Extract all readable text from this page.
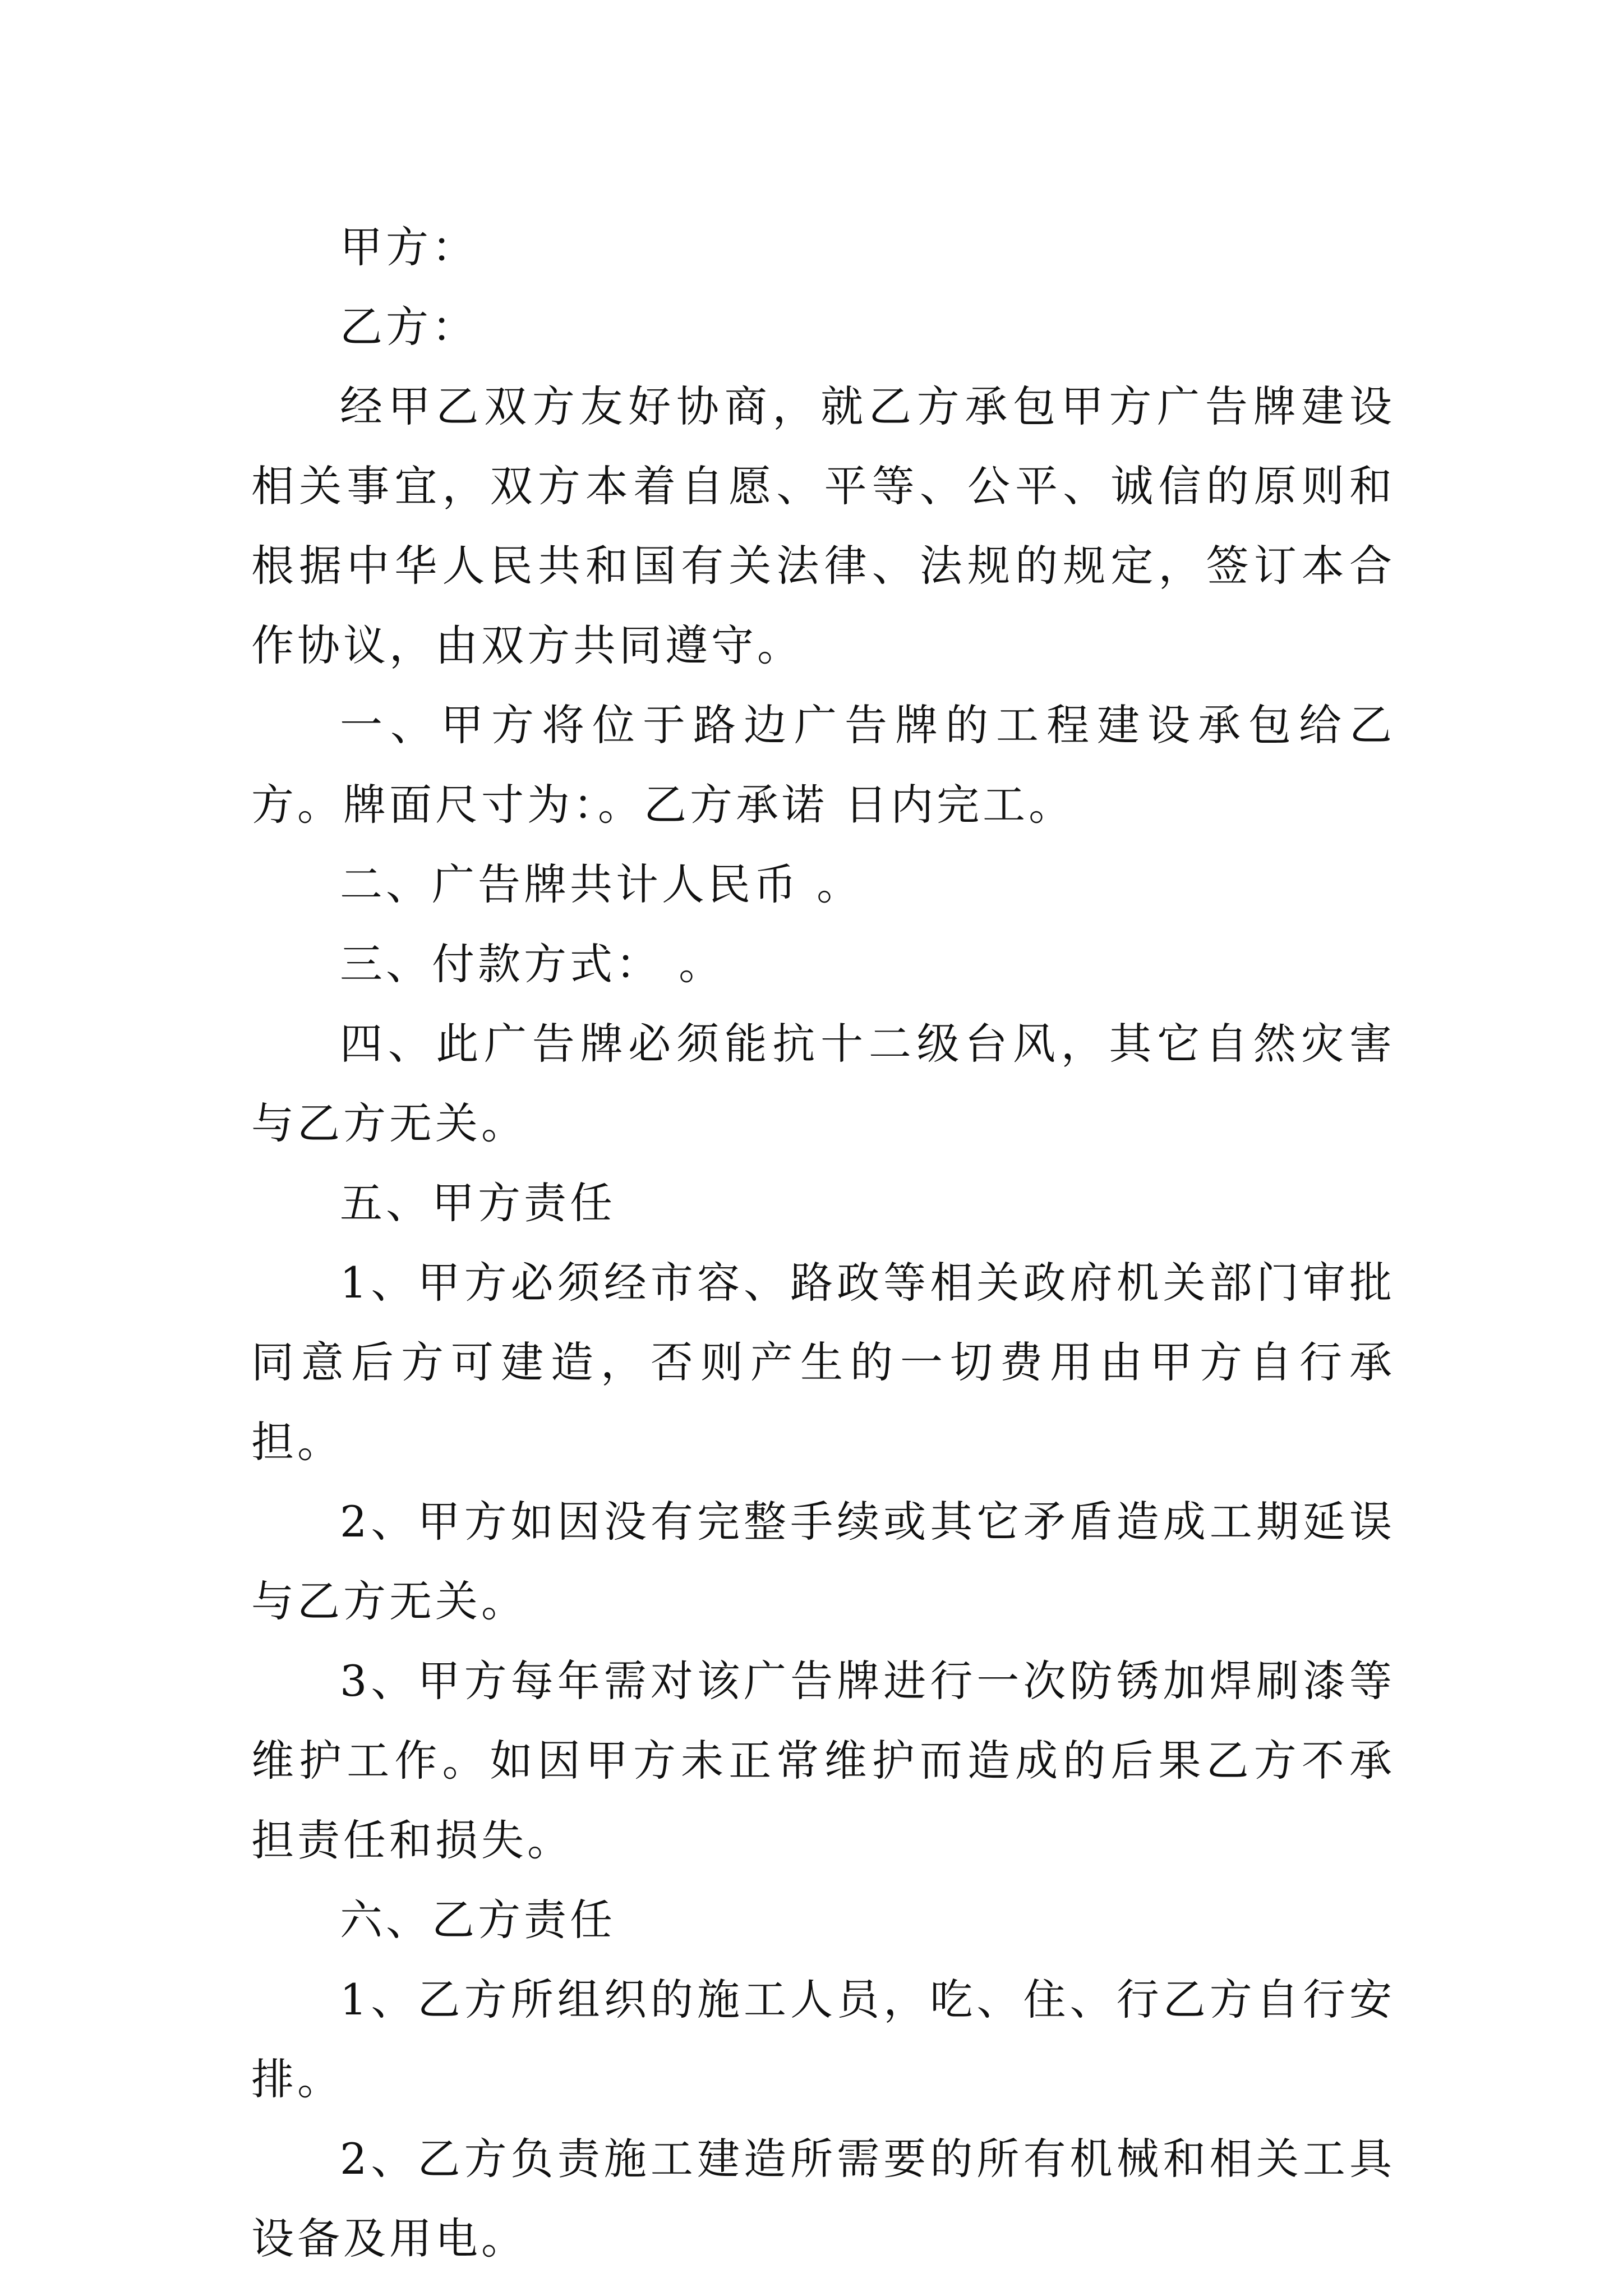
甲方：

乙方：

经甲乙双方友好协商，就乙方承包甲方广告牌建设相关事宜，双方本着自愿、平等、公平、诚信的原则和根据中华人民共和国有关法律、法规的规定，签订本合作协议，由双方共同遵守。

一、甲方将位于路边广告牌的工程建设承包给乙方。牌面尺寸为：。乙方承诺 日内完工。

二、广告牌共计人民币 。

三、付款方式： 。

四、此广告牌必须能抗十二级台风，其它自然灾害与乙方无关。

五、甲方责任

1、甲方必须经市容、路政等相关政府机关部门审批同意后方可建造，否则产生的一切费用由甲方自行承担。

2、甲方如因没有完整手续或其它矛盾造成工期延误与乙方无关。

3、甲方每年需对该广告牌进行一次防锈加焊刷漆等维护工作。如因甲方未正常维护而造成的后果乙方不承担责任和损失。

六、乙方责任

1、乙方所组织的施工人员，吃、住、行乙方自行安排。

2、乙方负责施工建造所需要的所有机械和相关工具设备及用电。
